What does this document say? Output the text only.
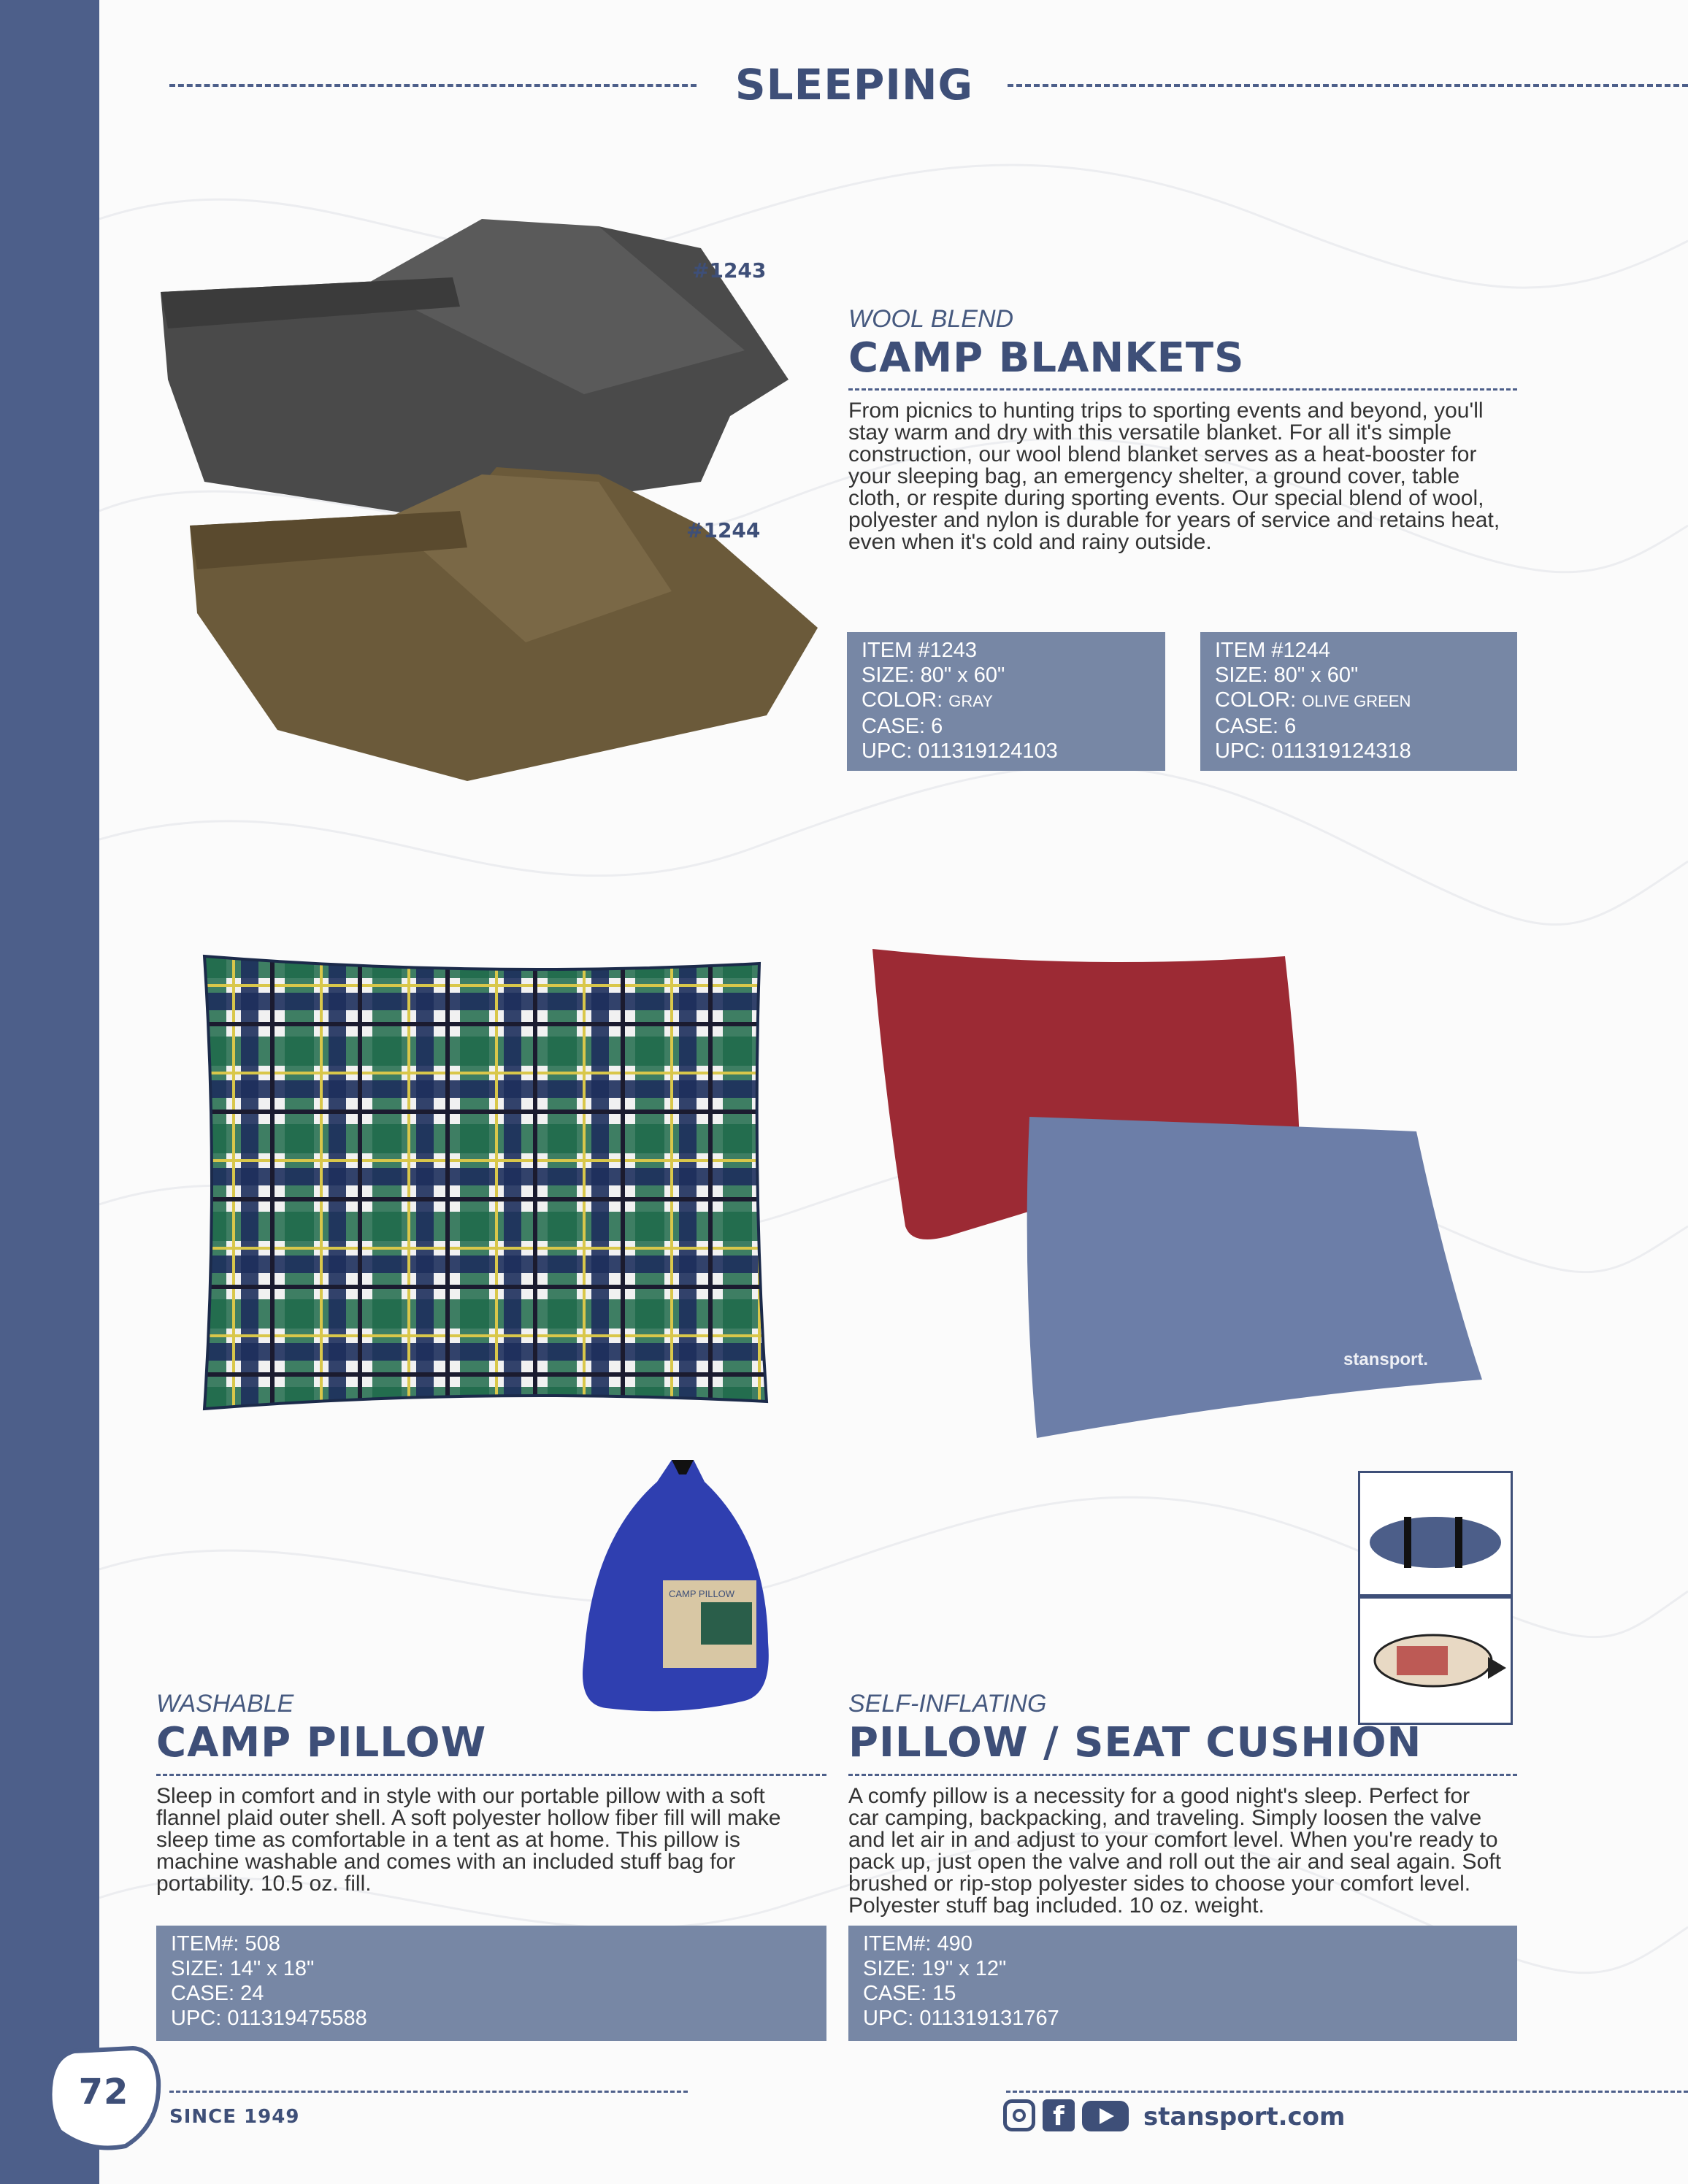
SLEEPING
#1243
#1244
WOOL BLEND
CAMP BLANKETS
From picnics to hunting trips to sporting events and beyond, you'll stay warm and dry with this versatile blanket. For all it's simple construction, our wool blend blanket serves as a heat-booster for your sleeping bag, an emergency shelter, a ground cover, table cloth, or respite during sporting events. Our special blend of wool, polyester and nylon is durable for years of service and retains heat, even when it's cold and rainy outside.
ITEM #1243
SIZE: 80" x 60"
COLOR: GRAY
CASE: 6
UPC: 011319124103
ITEM #1244
SIZE: 80" x 60"
COLOR: OLIVE GREEN
CASE: 6
UPC: 011319124318
CAMP PILLOW
stansport.
WASHABLE
CAMP PILLOW
Sleep in comfort and in style with our portable pillow with a soft flannel plaid outer shell. A soft polyester hollow fiber fill will make sleep time as comfortable in a tent as at home. This pillow is machine washable and comes with an included stuff bag for portability. 10.5 oz. fill.
ITEM#: 508
SIZE: 14" x 18"
CASE: 24
UPC: 011319475588
SELF-INFLATING
PILLOW / SEAT CUSHION
A comfy pillow is a necessity for a good night's sleep. Perfect for car camping, backpacking, and traveling. Simply loosen the valve and let air in and adjust to your comfort level. When you're ready to pack up, just open the valve and roll out the air and seal again. Soft brushed or rip-stop polyester sides to choose your comfort level. Polyester stuff bag included. 10 oz. weight.
ITEM#: 490
SIZE: 19" x 12"
CASE: 15
UPC: 011319131767
72
SINCE 1949	f	stansport.com
